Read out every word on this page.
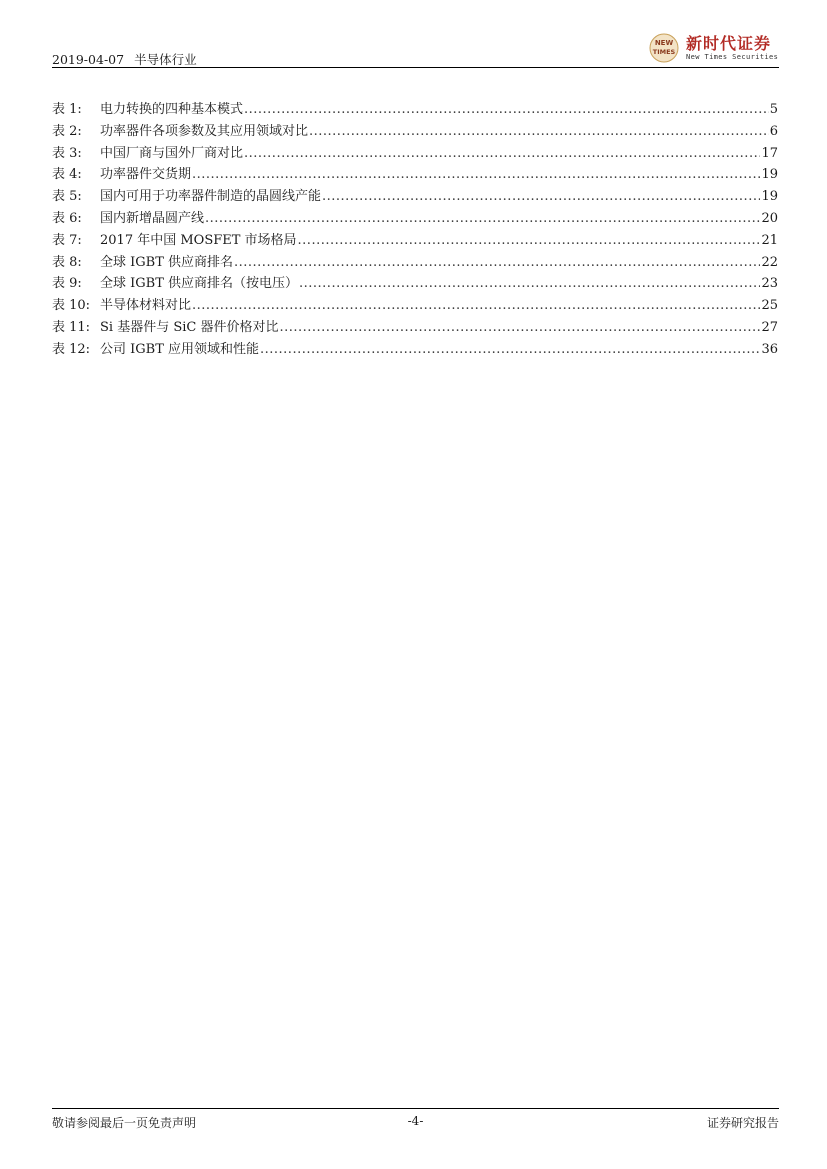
2019-04-07 半导体行业
NEW
TIMES 新时代证券
New Times Securities
表 1:	电力转换的四种基本模式 .....	5
表 2:	功率器件各项参数及其应用领域对比 .....	6
表 3:	中国厂商与国外厂商对比 .....	17
表 4:	功率器件交货期 .....	19
表 5:	国内可用于功率器件制造的晶圆线产能 .....	19
表 6:	国内新增晶圆产线 .....	20
表 7:	2017 年中国 MOSFET 市场格局 .....	21
表 8:	全球 IGBT 供应商排名 .....	22
表 9:	全球 IGBT 供应商排名（按电压） .....	23
表 10: 半导体材料对比 .....	25
表 11: Si 基器件与 SiC 器件价格对比 .....	27
表 12: 公司 IGBT 应用领域和性能 .....	36
敬请参阅最后一页免责声明	-4-	证券研究报告
